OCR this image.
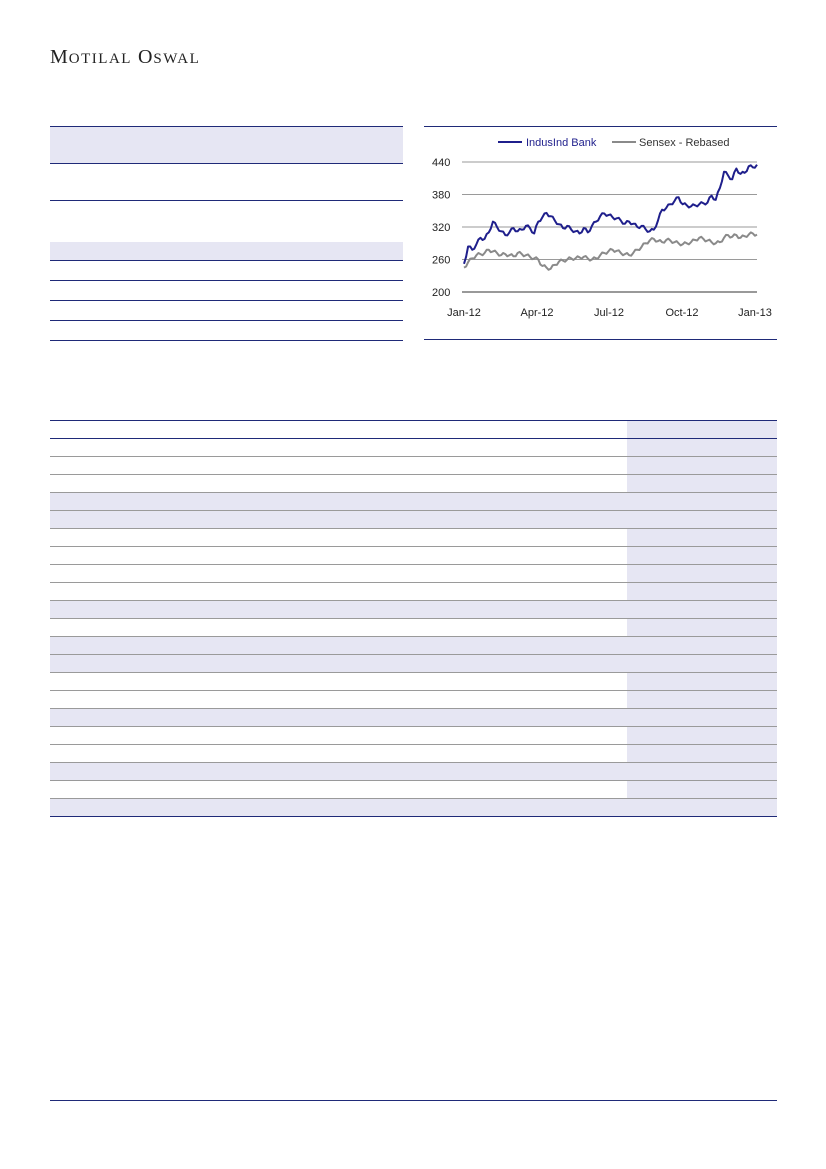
MOTILAL OSWAL
IndusInd Bank	Sensex - Rebased
440
380
320
260
200
Jan-12	Apr-12	Jul-12	Oct-12	Jan-13
